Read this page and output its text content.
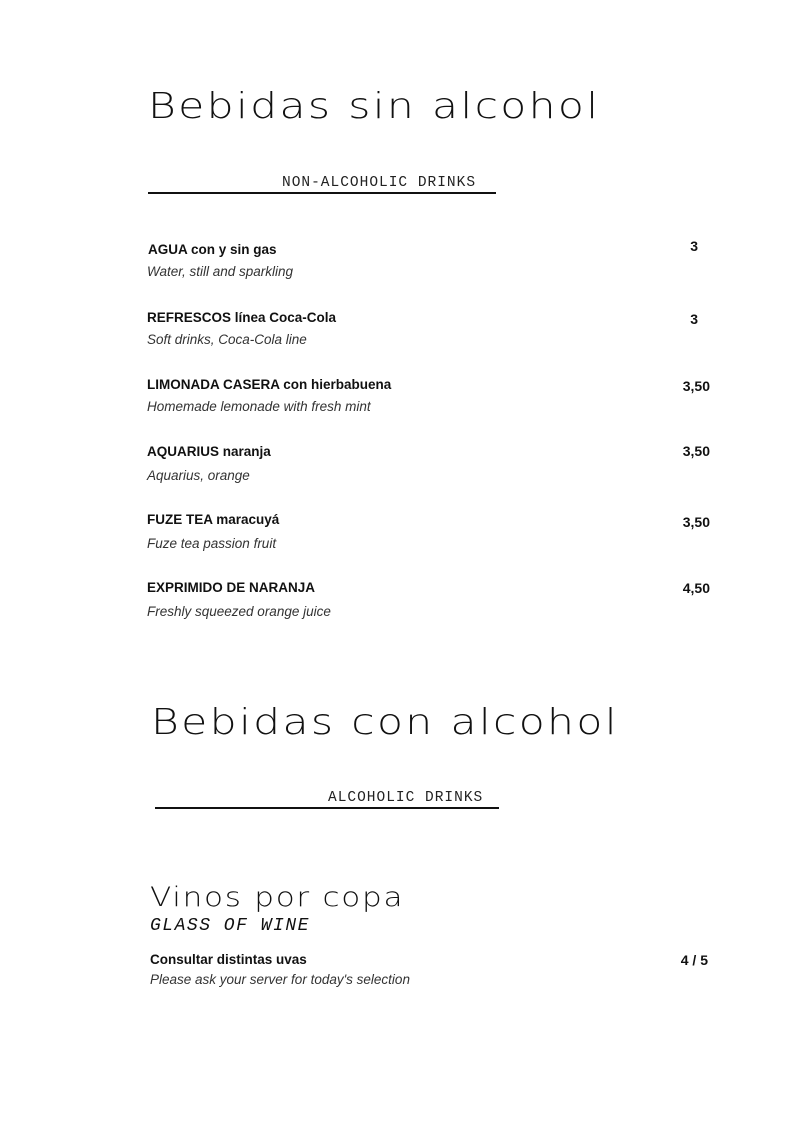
Bebidas sin alcohol
NON-ALCOHOLIC DRINKS
AGUA con y sin gas
Water, still and sparkling
3
REFRESCOS línea Coca-Cola
Soft drinks, Coca-Cola line
3
LIMONADA CASERA con hierbabuena
Homemade lemonade with fresh mint
3,50
AQUARIUS naranja
Aquarius, orange
3,50
FUZE TEA maracuyá
Fuze tea passion fruit
3,50
EXPRIMIDO DE NARANJA
Freshly squeezed orange juice
4,50
Bebidas con alcohol
ALCOHOLIC DRINKS
Vinos por copa
GLASS OF WINE
Consultar distintas uvas
Please ask your server for today's selection
4 / 5
